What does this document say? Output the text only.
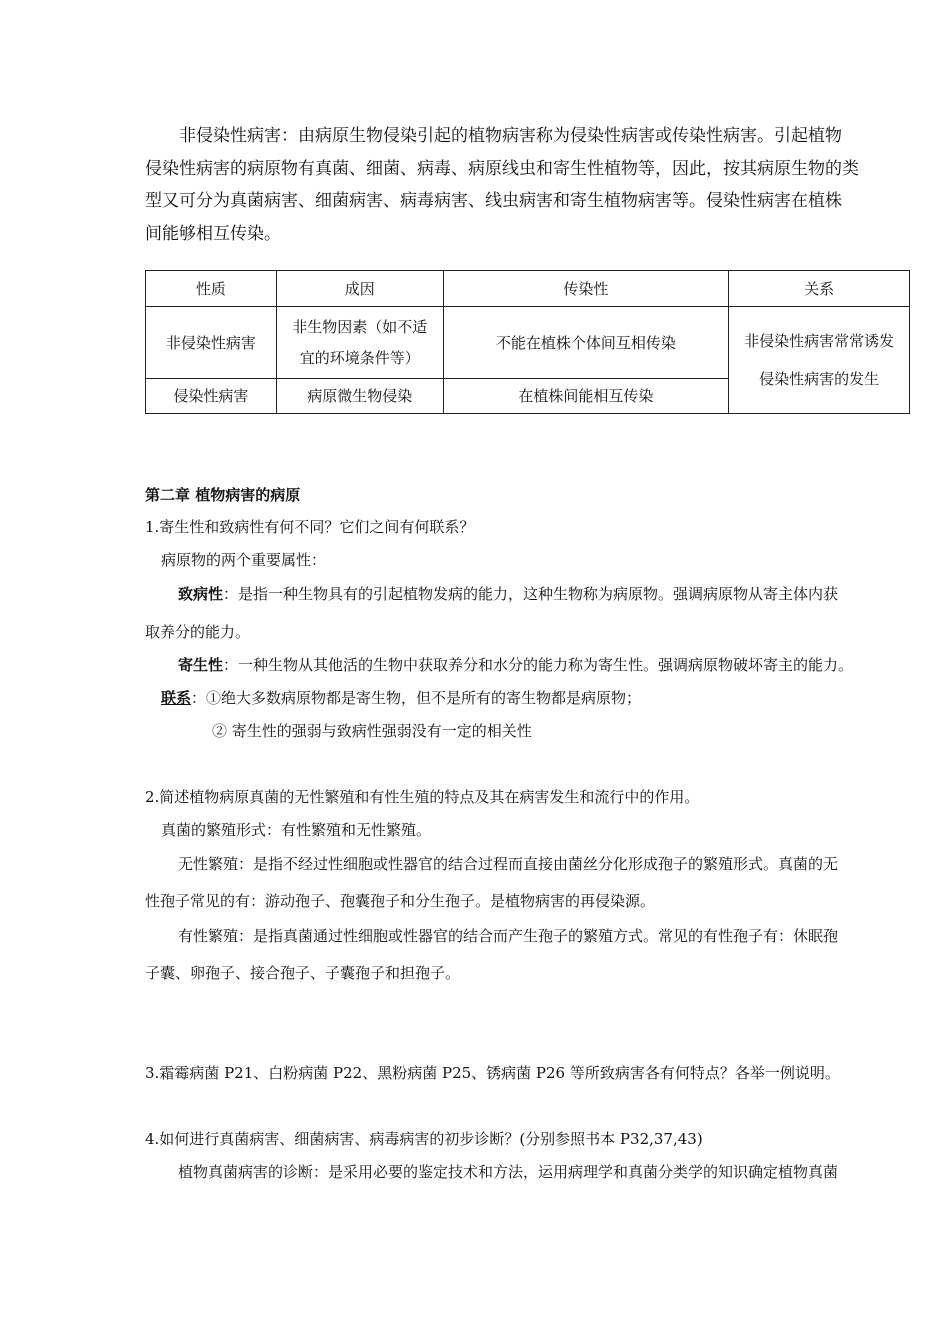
非侵染性病害：由病原生物侵染引起的植物病害称为侵染性病害或传染性病害。引起植物
侵染性病害的病原物有真菌、细菌、病毒、病原线虫和寄生性植物等，因此，按其病原生物的类
型又可分为真菌病害、细菌病害、病毒病害、线虫病害和寄生植物病害等。侵染性病害在植株
间能够相互传染。
性质	成因	传染性	关系
非侵染性病害	非生物因素（如不适宜的环境条件等）	不能在植株个体间互相传染	非侵染性病害常常诱发侵染性病害的发生
侵染性病害	病原微生物侵染	在植株间能相互传染	
第二章 植物病害的病原
1.寄生性和致病性有何不同？它们之间有何联系？
病原物的两个重要属性：
致病性：是指一种生物具有的引起植物发病的能力，这种生物称为病原物。强调病原物从寄主体内获
取养分的能力。
寄生性：一种生物从其他活的生物中获取养分和水分的能力称为寄生性。强调病原物破坏寄主的能力。
联系：①绝大多数病原物都是寄生物，但不是所有的寄生物都是病原物；
② 寄生性的强弱与致病性强弱没有一定的相关性
2.简述植物病原真菌的无性繁殖和有性生殖的特点及其在病害发生和流行中的作用。
真菌的繁殖形式：有性繁殖和无性繁殖。
无性繁殖：是指不经过性细胞或性器官的结合过程而直接由菌丝分化形成孢子的繁殖形式。真菌的无
性孢子常见的有：游动孢子、孢囊孢子和分生孢子。是植物病害的再侵染源。
有性繁殖：是指真菌通过性细胞或性器官的结合而产生孢子的繁殖方式。常见的有性孢子有：休眠孢
子囊、卵孢子、接合孢子、子囊孢子和担孢子。
3.霜霉病菌 P21、白粉病菌 P22、黑粉病菌 P25、锈病菌 P26 等所致病害各有何特点？各举一例说明。
4.如何进行真菌病害、细菌病害、病毒病害的初步诊断？(分别参照书本 P32,37,43)
植物真菌病害的诊断：是采用必要的鉴定技术和方法，运用病理学和真菌分类学的知识确定植物真菌
